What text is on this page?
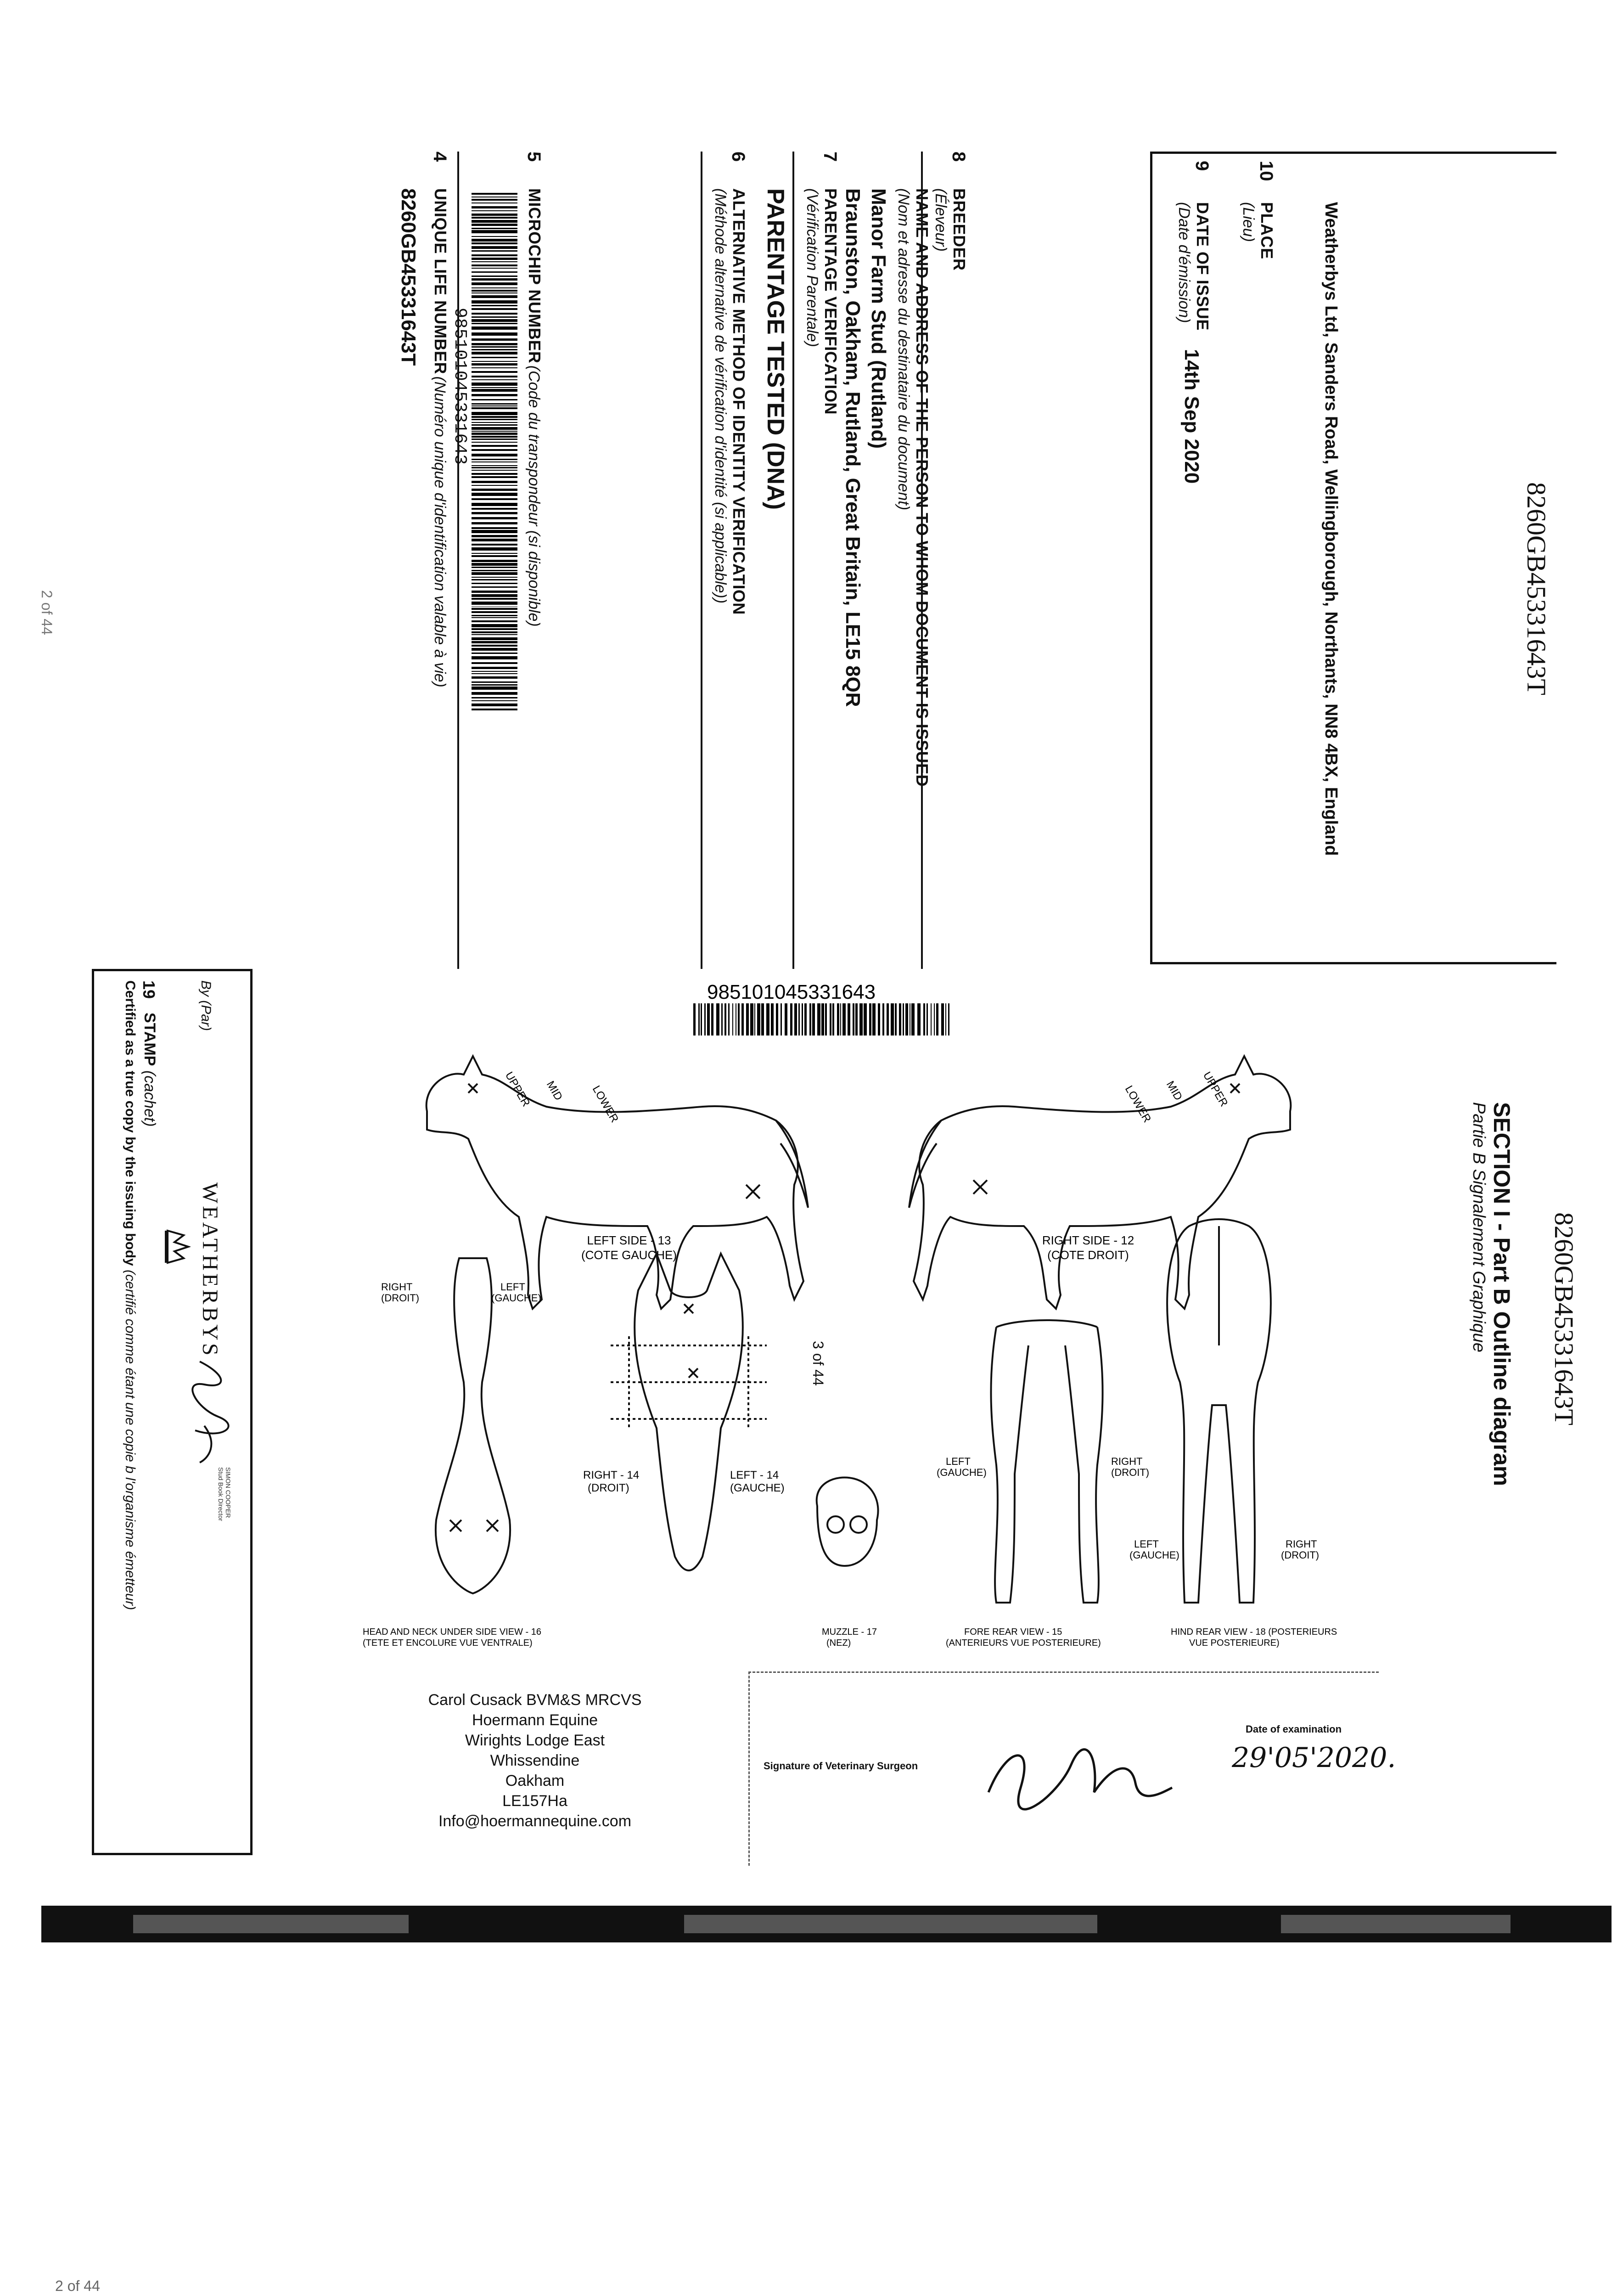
8260GB45331643T
8260GB45331643T
2 of 44
4
UNIQUE LIFE NUMBER (Numéro unique d'identification valable à vie)
8260GB45331643T
5
MICROCHIP NUMBER (Code du transpondeur (si disponible)
985101045331643
6
ALTERNATIVE METHOD OF IDENTITY VERIFICATION
(Méthode alternative de vérification d'identité (si applicable))
7
PARENTAGE VERIFICATION
(Vérification Parentale)
PARENTAGE TESTED (DNA)
8
BREEDER
(Éleveur)
NAME AND ADDRESS OF THE PERSON TO WHOM DOCUMENT IS ISSUED
(Nom et adresse du destinataire du document)
Manor Farm Stud (Rutland)
Braunston, Oakham, Rutland, Great Britain, LE15 8QR
9
DATE OF ISSUE
(Date d'émission)
14th Sep 2020
10
PLACE
(Lieu)	Weatherbys Ltd, Sanders Road, Wellingborough, Northants, NN8 4BX, England
19
STAMP (cachet)
Certified as a true copy by the issuing body (certifié comme étant une copie b l'organisme émetteur)
By (Par)
WEATHERBYS
SIMON COOPER
Stud Book Director
SECTION I - Part B Outline diagram
Partie B Signalement Graphique
985101045331643
UPPER MID LOWER	UPPER
MID
LOWER
LEFT SIDE - 13
(COTE GAUCHE)
RIGHT SIDE - 12
(COTE DROIT)
RIGHT - 14
(DROIT)
LEFT - 14
(GAUCHE)
RIGHT
(DROIT)
LEFT
(GAUCHE)
HEAD AND NECK UNDER SIDE VIEW - 16
(TETE ET ENCOLURE VUE VENTRALE)
MUZZLE - 17
(NEZ)
LEFT
(GAUCHE)
RIGHT
(DROIT)
FORE REAR VIEW - 15
(ANTERIEURS VUE POSTERIEURE)
LEFT
(GAUCHE)
RIGHT
(DROIT)
HIND REAR VIEW - 18 (POSTERIEURS
VUE POSTERIEURE)
Carol Cusack BVM&S MRCVS
Hoermann Equine
Wirights Lodge East
Whissendine
Oakham
LE157Ha
Info@hoermannequine.com
Signature of Veterinary Surgeon
Date of examination
29'05'2020.
3 of 44
2 of 44
